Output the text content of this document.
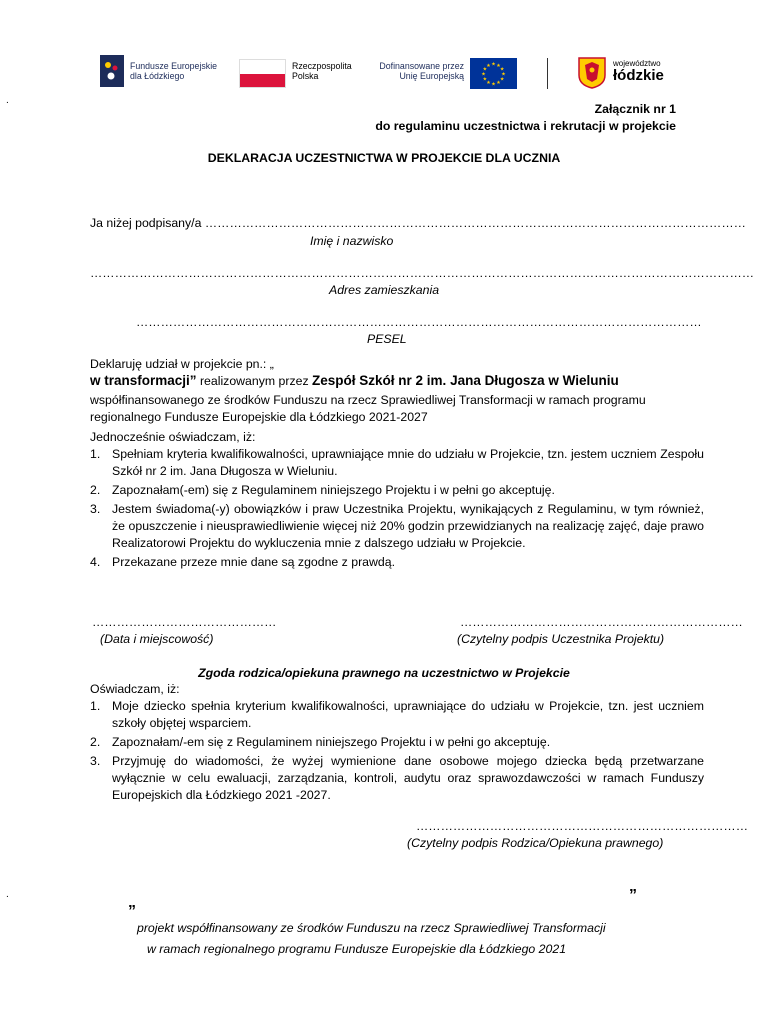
Fundusze Europejskie
dla Łódzkiego
Rzeczpospolita
Polska
Dofinansowane przez
Unię Europejską
★ ★
★
★
★
★
★
★
★
★
★
★	województwo
łódzkie
.
.
Załącznik nr 1
do regulaminu uczestnictwa i rekrutacji w projekcie
DEKLARACJA UCZESTNICTWA W PROJEKCIE DLA UCZNIA
Ja niżej podpisany/a ……………………………………………………………………………………………………………………
Imię i nazwisko
………………………………………………………………………………………………………………………………………………
Adres zamieszkania
…………………………………………………………………………………………………………………………
PESEL
Deklaruję udział w projekcie pn.: „
w transformacji” realizowanym przez Zespół Szkół nr 2 im. Jana Długosza w Wieluniu
współfinansowanego ze środków Funduszu na rzecz Sprawiedliwej Transformacji w ramach programu
regionalnego Fundusze Europejskie dla Łódzkiego 2021-2027
Jednocześnie oświadczam, iż:
1. Spełniam kryteria kwalifikowalności, uprawniające mnie do udziału w Projekcie, tzn. jestem uczniem Zespołu Szkół nr 2 im. Jana Długosza w Wieluniu.
2. Zapoznałam(-em) się z Regulaminem niniejszego Projektu i w pełni go akceptuję.
3. Jestem świadoma(-y) obowiązków i praw Uczestnika Projektu, wynikających z Regulaminu, w tym również, że opuszczenie i nieusprawiedliwienie więcej niż 20% godzin przewidzianych na realizację zajęć, daje prawo Realizatorowi Projektu do wykluczenia mnie z dalszego udziału w Projekcie.
4. Przekazane przeze mnie dane są zgodne z prawdą.
………………………………………
(Data i miejscowość)
……………………………………………………………
(Czytelny podpis Uczestnika Projektu)
Zgoda rodzica/opiekuna prawnego na uczestnictwo w Projekcie
Oświadczam, iż:
1. Moje dziecko spełnia kryterium kwalifikowalności, uprawniające do udziału w Projekcie, tzn. jest uczniem szkoły objętej wsparciem.
2. Zapoznałam/-em się z Regulaminem niniejszego Projektu i w pełni go akceptuję.
3. Przyjmuję do wiadomości, że wyżej wymienione dane osobowe mojego dziecka będą przetwarzane wyłącznie w celu ewaluacji, zarządzania, kontroli, audytu oraz sprawozdawczości w ramach Funduszy Europejskich dla Łódzkiego 2021 -2027.
………………………………………………………………………
(Czytelny podpis Rodzica/Opiekuna prawnego)
”
„
projekt współfinansowany ze środków Funduszu na rzecz Sprawiedliwej Transformacji
w ramach regionalnego programu Fundusze Europejskie dla Łódzkiego 2021
